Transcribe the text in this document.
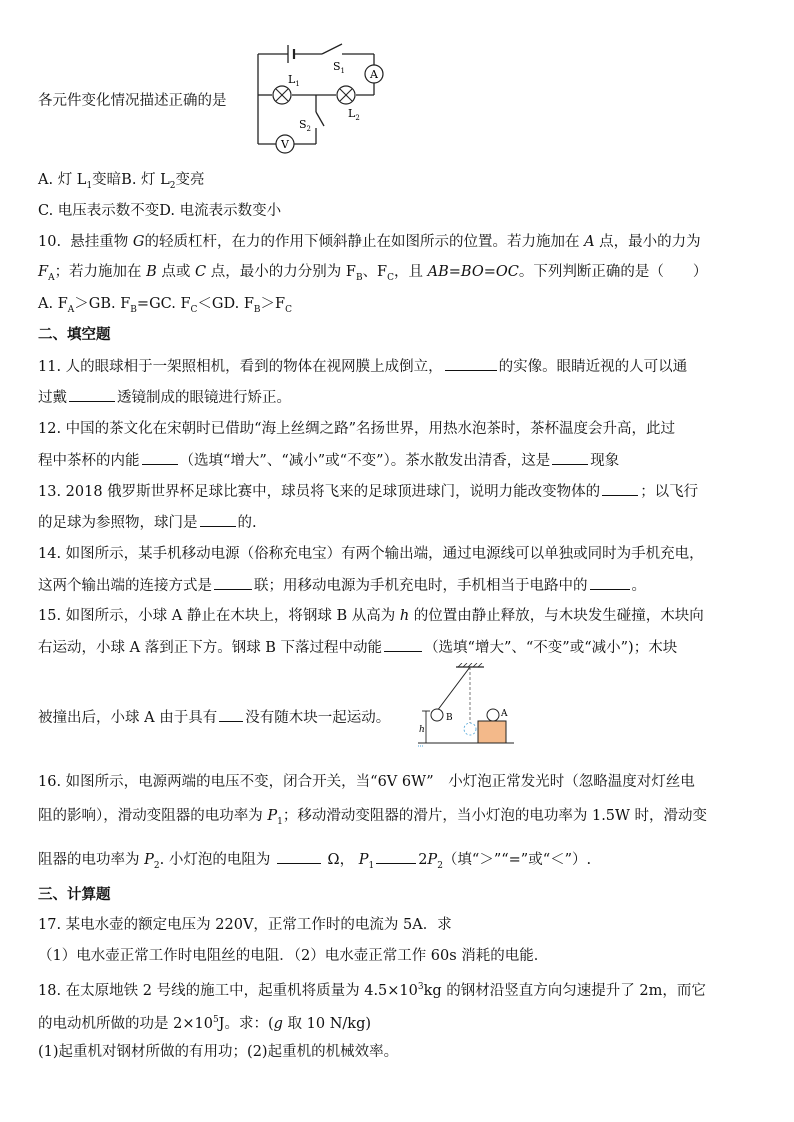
A
V
$S_1$
$S_2$
$L_1$
$L_2$
各元件变化情况描述正确的是
A. 灯 $L_1$变暗B. 灯 $L_2$变亮
C. 电压表示数不变D. 电流表示数变小
10. 悬挂重物 G的轻质杠杆，在力的作用下倾斜静止在如图所示的位置。若力施加在 A 点，最小的力为
$F_A$；若力施加在 B 点或 C 点，最小的力分别为 $F_B$、$F_C$，且 AB=BO=OC。下列判断正确的是（　　）
A. $F_A>GB$. $F_B=GC$. $F_C<GD$. $F_B>F_C$
二、填空题
11. 人的眼球相于一架照相机，看到的物体在视网膜上成倒立，	的实像。眼睛近视的人可以通
过戴	透镜制成的眼镜进行矫正。
12. 中国的茶文化在宋朝时已借助“海上丝绸之路”名扬世界，用热水泡茶时，茶杯温度会升高，此过
程中茶杯的内能	（选填“增大”、“减小”或“不变”）。茶水散发出清香，这是	现象
13. 2018 俄罗斯世界杯足球比赛中，球员将飞来的足球顶进球门，说明力能改变物体的	；以飞行
的足球为参照物，球门是	的.
14. 如图所示，某手机移动电源（俗称充电宝）有两个输出端，通过电源线可以单独或同时为手机充电，
这两个输出端的连接方式是	联；用移动电源为手机充电时，手机相当于电路中的	。
15. 如图所示，小球 A 静止在木块上，将钢球 B 从高为 h 的位置由静止释放，与木块发生碰撞，木块向
右运动，小球 A 落到正下方。钢球 B 下落过程中动能	（选填“增大”、“不变”或“减小”)；木块
被撞出后，小球 A 由于具有 没有随木块一起运动。	B	A
h
16. 如图所示，电源两端的电压不变，闭合开关，当“6V 6W”　小灯泡正常发光时（忽略温度对灯丝电
阻的影响），滑动变阻器的电功率为 $P_1$；移动滑动变阻器的滑片，当小灯泡的电功率为 1.5W 时，滑动变
阻器的电功率为 $P_2$. 小灯泡的电阻为	Ω， $P_1$	$2P_2$（填“＞”“=”或“＜”）.
三、计算题
17. 某电水壶的额定电压为 220V，正常工作时的电流为 5A．求
（1）电水壶正常工作时电阻丝的电阻．（2）电水壶正常工作 60s 消耗的电能．
18. 在太原地铁 2 号线的施工中，起重机将质量为 $4.5\times 10^3kg$ 的钢材沿竖直方向匀速提升了 2m，而它
的电动机所做的功是 $2\times 10^5J$。求：(g 取 10 N/kg)
(1)起重机对钢材所做的有用功；(2)起重机的机械效率。
